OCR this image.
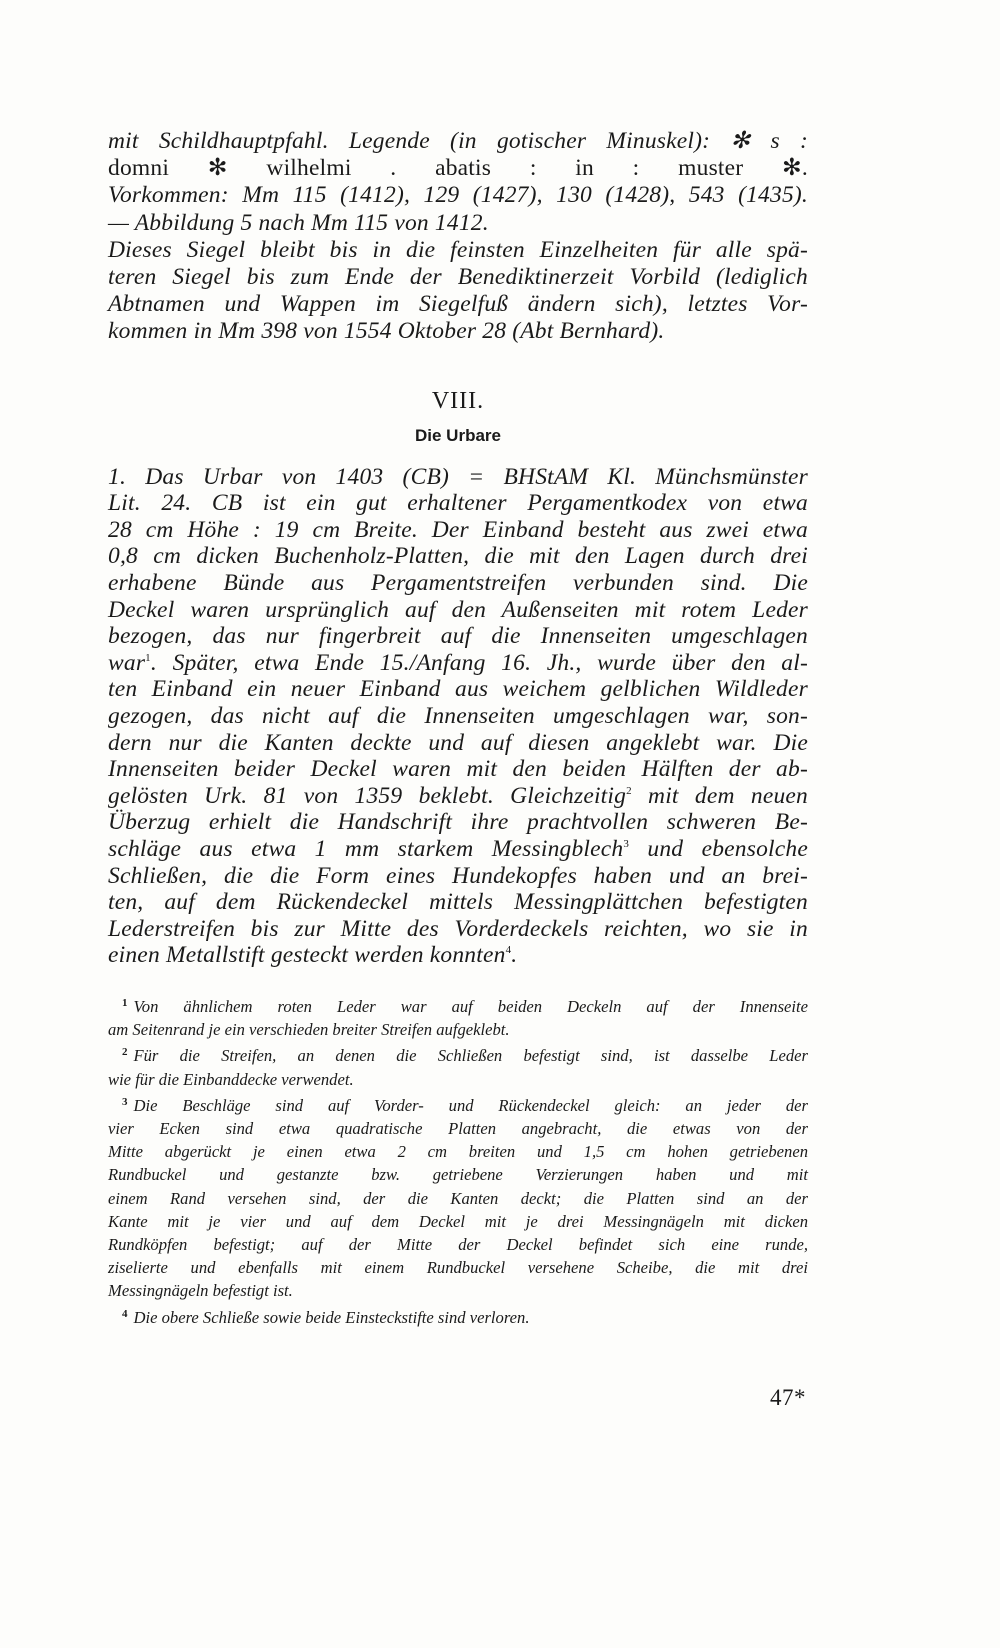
mit Schildhauptpfahl. Legende (in gotischer Minuskel): ✻ s :
domni ✻ wilhelmi . abatis : in : muster ✻.
Vorkommen: Mm 115 (1412), 129 (1427), 130 (1428), 543 (1435).
— Abbildung 5 nach Mm 115 von 1412.
Dieses Siegel bleibt bis in die feinsten Einzelheiten für alle spä-
teren Siegel bis zum Ende der Benediktinerzeit Vorbild (lediglich
Abtnamen und Wappen im Siegelfuß ändern sich), letztes Vor-
kommen in Mm 398 von 1554 Oktober 28 (Abt Bernhard).

VIII.
Die Urbare
1. Das Urbar von 1403 (CB) = BHStAM Kl. Münchsmünster
Lit. 24. CB ist ein gut erhaltener Pergamentkodex von etwa
28 cm Höhe : 19 cm Breite. Der Einband besteht aus zwei etwa
0,8 cm dicken Buchenholz-Platten, die mit den Lagen durch drei
erhabene Bünde aus Pergamentstreifen verbunden sind. Die
Deckel waren ursprünglich auf den Außenseiten mit rotem Leder
bezogen, das nur fingerbreit auf die Innenseiten umgeschlagen
war$^1$. Später, etwa Ende 15./Anfang 16. Jh., wurde über den al-
ten Einband ein neuer Einband aus weichem gelblichen Wildleder
gezogen, das nicht auf die Innenseiten umgeschlagen war, son-
dern nur die Kanten deckte und auf diesen angeklebt war. Die
Innenseiten beider Deckel waren mit den beiden Hälften der ab-
gelösten Urk. 81 von 1359 beklebt. Gleichzeitig$^2$ mit dem neuen
Überzug erhielt die Handschrift ihre prachtvollen schweren Be-
schläge aus etwa 1 mm starkem Messingblech$^3$ und ebensolche
Schließen, die die Form eines Hundekopfes haben und an brei-
ten, auf dem Rückendeckel mittels Messingplättchen befestigten
Lederstreifen bis zur Mitte des Vorderdeckels reichten, wo sie in
einen Metallstift gesteckt werden konnten$^4$.
$^1$ Von ähnlichem roten Leder war auf beiden Deckeln auf der Innenseite
am Seitenrand je ein verschieden breiter Streifen aufgeklebt.
$^2$ Für die Streifen, an denen die Schließen befestigt sind, ist dasselbe Leder
wie für die Einbanddecke verwendet.
$^3$ Die Beschläge sind auf Vorder- und Rückendeckel gleich: an jeder der
vier Ecken sind etwa quadratische Platten angebracht, die etwas von der
Mitte abgerückt je einen etwa 2 cm breiten und 1,5 cm hohen getriebenen
Rundbuckel und gestanzte bzw. getriebene Verzierungen haben und mit
einem Rand versehen sind, der die Kanten deckt; die Platten sind an der
Kante mit je vier und auf dem Deckel mit je drei Messingnägeln mit dicken
Rundköpfen befestigt; auf der Mitte der Deckel befindet sich eine runde,
ziselierte und ebenfalls mit einem Rundbuckel versehene Scheibe, die mit drei
Messingnägeln befestigt ist.
$^4$ Die obere Schließe sowie beide Einsteckstifte sind verloren.
47*
